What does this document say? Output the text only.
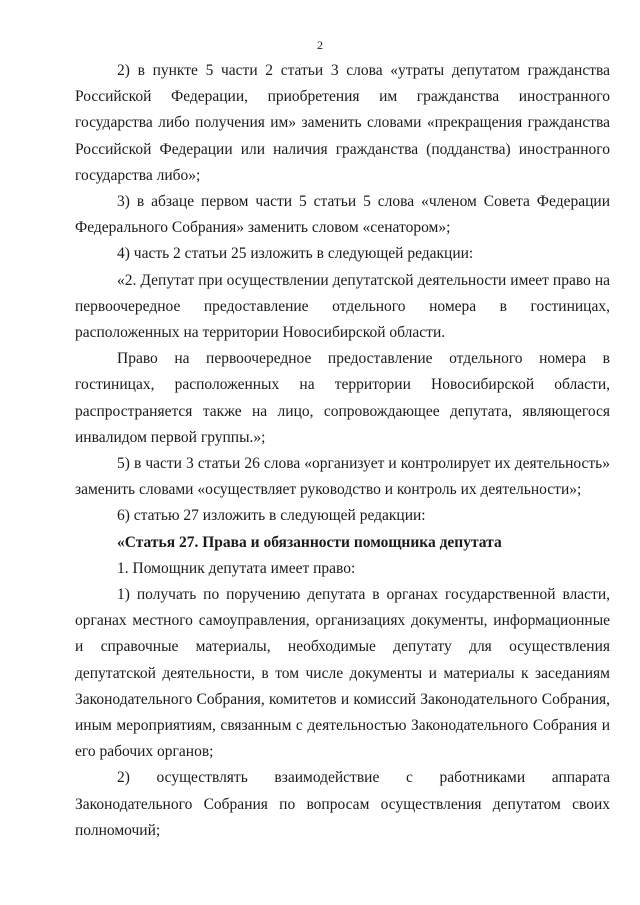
2

2) в пункте 5 части 2 статьи 3 слова «утраты депутатом гражданства Российской Федерации, приобретения им гражданства иностранного государства либо получения им» заменить словами «прекращения гражданства Российской Федерации или наличия гражданства (подданства) иностранного государства либо»;

3) в абзаце первом части 5 статьи 5 слова «членом Совета Федерации Федерального Собрания» заменить словом «сенатором»;

4) часть 2 статьи 25 изложить в следующей редакции:

«2. Депутат при осуществлении депутатской деятельности имеет право на первоочередное предоставление отдельного номера в гостиницах, расположенных на территории Новосибирской области.

Право на первоочередное предоставление отдельного номера в гостиницах, расположенных на территории Новосибирской области, распространяется также на лицо, сопровождающее депутата, являющегося инвалидом первой группы.»;

5) в части 3 статьи 26 слова «организует и контролирует их деятельность» заменить словами «осуществляет руководство и контроль их деятельности»;

6) статью 27 изложить в следующей редакции:

«Статья 27. Права и обязанности помощника депутата

1. Помощник депутата имеет право:

1) получать по поручению депутата в органах государственной власти, органах местного самоуправления, организациях документы, информационные и справочные материалы, необходимые депутату для осуществления депутатской деятельности, в том числе документы и материалы к заседаниям Законодательного Собрания, комитетов и комиссий Законодательного Собрания, иным мероприятиям, связанным с деятельностью Законодательного Собрания и его рабочих органов;

2) осуществлять взаимодействие с работниками аппарата Законодательного Собрания по вопросам осуществления депутатом своих полномочий;
